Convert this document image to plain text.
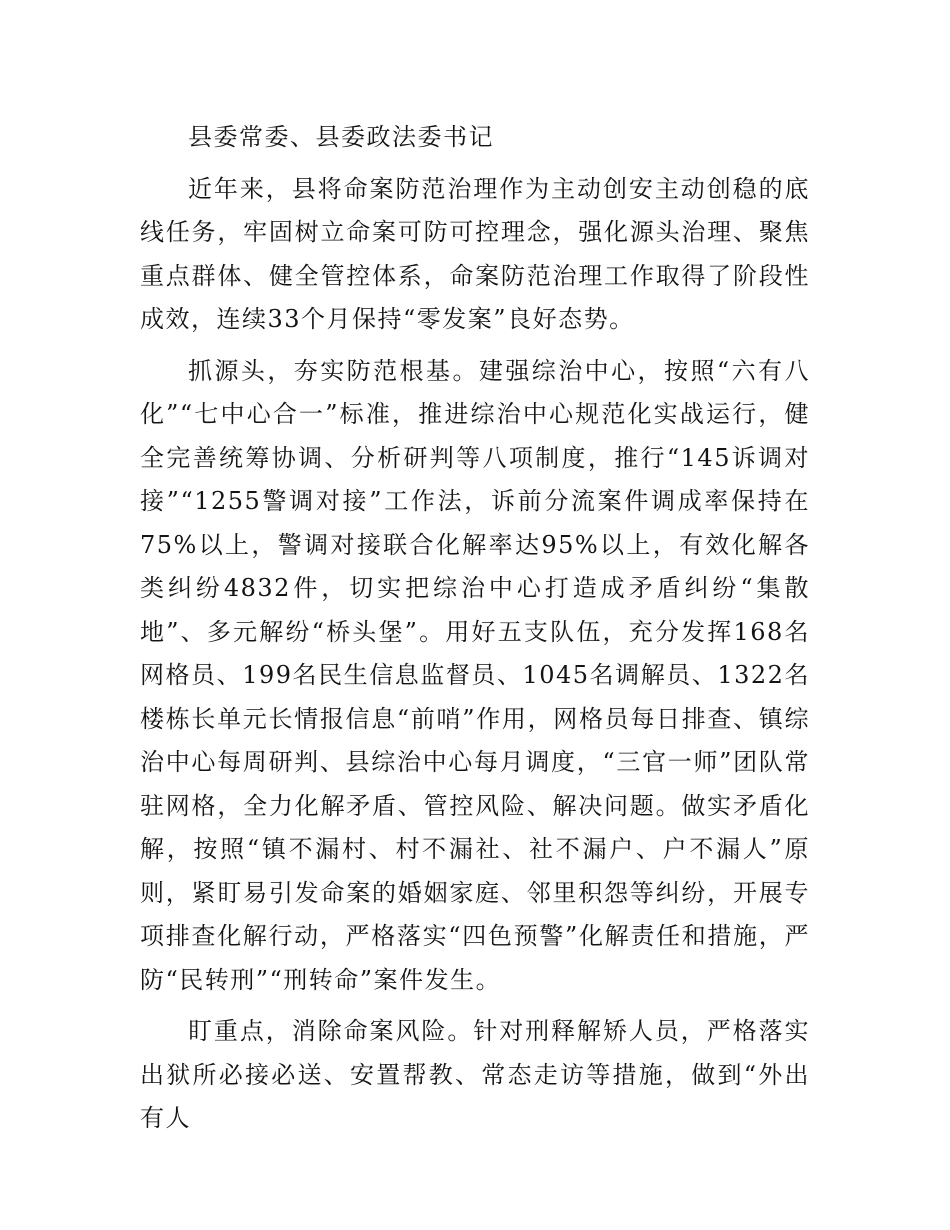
县委常委、县委政法委书记

近年来，县将命案防范治理作为主动创安主动创稳的底线任务，牢固树立命案可防可控理念，强化源头治理、聚焦重点群体、健全管控体系，命案防范治理工作取得了阶段性成效，连续33个月保持“零发案”良好态势。

抓源头，夯实防范根基。建强综治中心，按照“六有八化”“七中心合一”标准，推进综治中心规范化实战运行，健全完善统筹协调、分析研判等八项制度，推行“145诉调对接”“1255警调对接”工作法，诉前分流案件调成率保持在75%以上，警调对接联合化解率达95%以上，有效化解各类纠纷4832件，切实把综治中心打造成矛盾纠纷“集散地”、多元解纷“桥头堡”。用好五支队伍，充分发挥168名网格员、199名民生信息监督员、1045名调解员、1322名楼栋长单元长情报信息“前哨”作用，网格员每日排查、镇综治中心每周研判、县综治中心每月调度，“三官一师”团队常驻网格，全力化解矛盾、管控风险、解决问题。做实矛盾化解，按照“镇不漏村、村不漏社、社不漏户、户不漏人”原则，紧盯易引发命案的婚姻家庭、邻里积怨等纠纷，开展专项排查化解行动，严格落实“四色预警”化解责任和措施，严防“民转刑”“刑转命”案件发生。

盯重点，消除命案风险。针对刑释解矫人员，严格落实出狱所必接必送、安置帮教、常态走访等措施，做到“外出有人
